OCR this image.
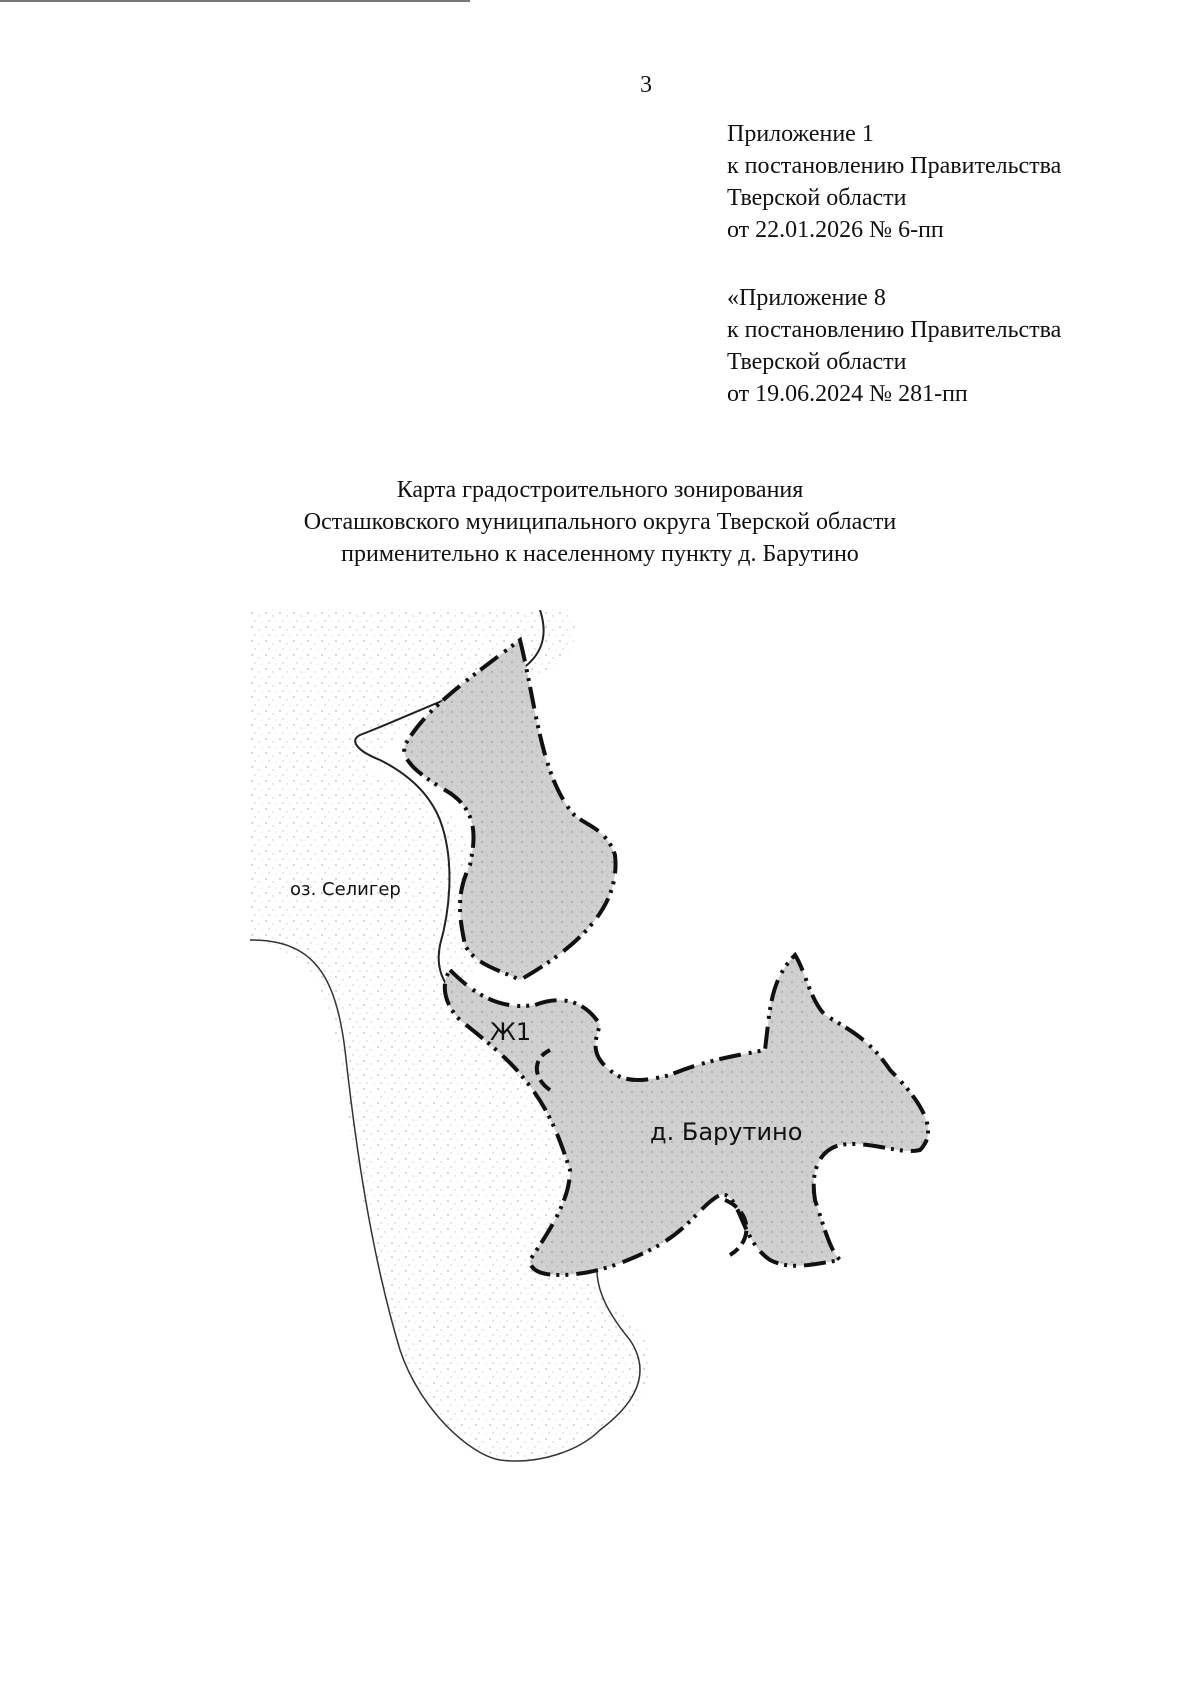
3
Приложение 1
к постановлению Правительства
Тверской области
от 22.01.2026 № 6-пп
«Приложение 8
к постановлению Правительства
Тверской области
от 19.06.2024 № 281-пп
Карта градостроительного зонирования
Осташковского муниципального округа Тверской области
применительно к населенному пункту д. Барутино
оз. Селигер
Ж1
д. Барутино
